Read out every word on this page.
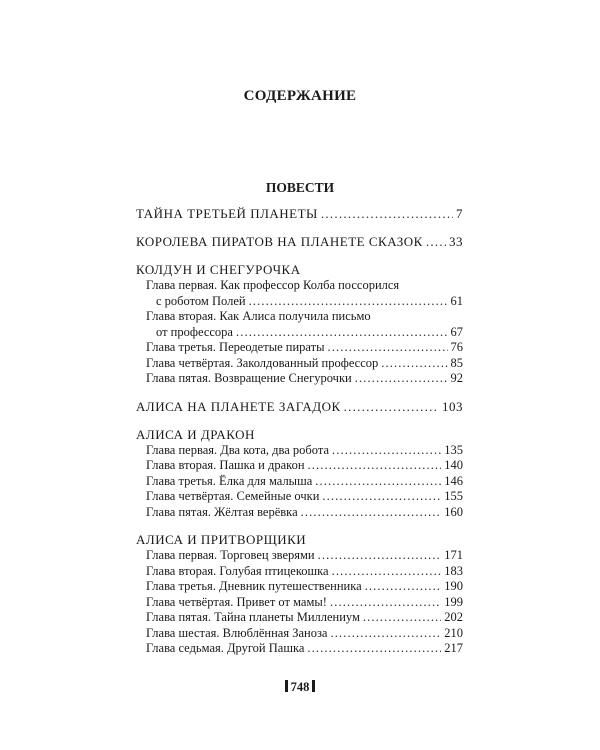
СОДЕРЖАНИЕ
ПОВЕСТИ
ТАЙНА ТРЕТЬЕЙ ПЛАНЕТЫ . . .	7
КОРОЛЕВА ПИРАТОВ НА ПЛАНЕТЕ СКАЗОК . . . 33
КОЛДУН И СНЕГУРОЧКА
Глава первая. Как профессор Колба поссорился
с роботом Полей . . .	61
Глава вторая. Как Алиса получила письмо
от профессора . . .	67
Глава третья. Переодетые пираты . . .	76
Глава четвёртая. Заколдованный профессор . . .	85
Глава пятая. Возвращение Снегурочки . . .	92
АЛИСА НА ПЛАНЕТЕ ЗАГАДОК . . .	103
АЛИСА И ДРАКОН
Глава первая. Два кота, два робота . . .	135
Глава вторая. Пашка и дракон . . .	140
Глава третья. Ёлка для малыша . . .	146
Глава четвёртая. Семейные очки . . .	155
Глава пятая. Жёлтая верёвка . . .	160
АЛИСА И ПРИТВОРЩИКИ
Глава первая. Торговец зверями . . .	171
Глава вторая. Голубая птицекошка . . .	183
Глава третья. Дневник путешественника . . .	190
Глава четвёртая. Привет от мамы! . . .	199
Глава пятая. Тайна планеты Миллениум . . .	202
Глава шестая. Влюблённая Заноза . . .	210
Глава седьмая. Другой Пашка . . .	217
748
